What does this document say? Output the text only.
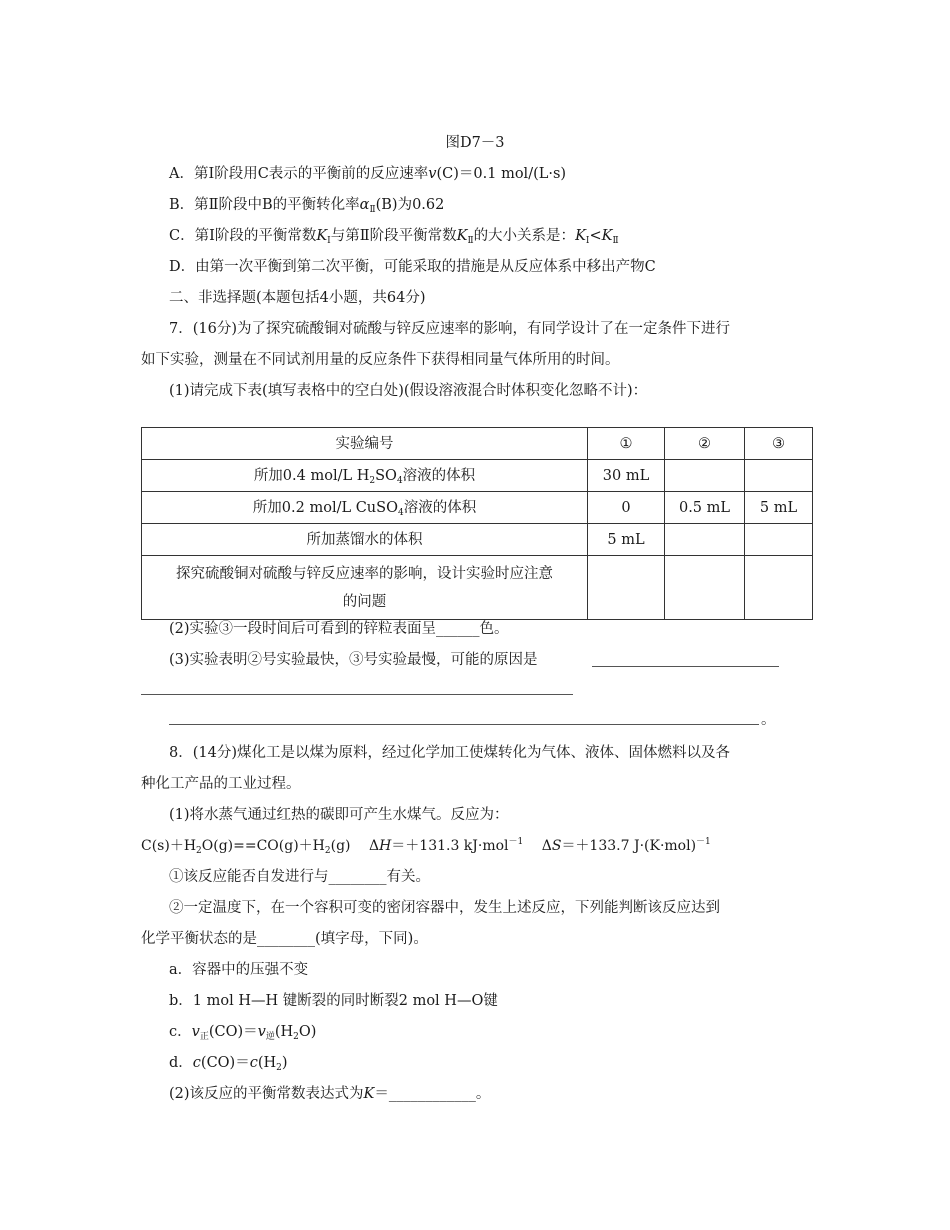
图D7－3
A．第Ⅰ阶段用C表示的平衡前的反应速率v(C)＝0.1 mol/(L·s)
B．第Ⅱ阶段中B的平衡转化率$\alpha_Ⅱ(B)$为0.62
C．第Ⅰ阶段的平衡常数$K_Ⅰ$与第Ⅱ阶段平衡常数$K_Ⅱ$的大小关系是：$K_Ⅰ<K_Ⅱ$
D．由第一次平衡到第二次平衡，可能采取的措施是从反应体系中移出产物C
二、非选择题(本题包括4小题，共64分)
7．(16分)为了探究硫酸铜对硫酸与锌反应速率的影响，有同学设计了在一定条件下进行
如下实验，测量在不同试剂用量的反应条件下获得相同量气体所用的时间。
(1)请完成下表(填写表格中的空白处)(假设溶液混合时体积变化忽略不计)：
实验编号	①	②	③
所加0.4 mol/L $H_2SO_4$溶液的体积	30 mL		
所加0.2 mol/L CuSO$_4$溶液的体积	0	0.5 mL	5 mL
所加蒸馏水的体积	5 mL		
探究硫酸铜对硫酸与锌反应速率的影响，设计实验时应注意
的问题			
(2)实验③一段时间后可看到的锌粒表面呈______色。
(3)实验表明②号实验最快，③号实验最慢，可能的原因是
。
8．(14分)煤化工是以煤为原料，经过化学加工使煤转化为气体、液体、固体燃料以及各
种化工产品的工业过程。
(1)将水蒸气通过红热的碳即可产生水煤气。反应为：
$C(s)+H_2O(g)==CO(g)+H_2(g)$　 ΔH＝＋131.3 kJ·mol$^{-1}$　 ΔS＝＋133.7 $J\cdot(K\cdot mol)^{-1}$
①该反应能否自发进行与________有关。
②一定温度下，在一个容积可变的密闭容器中，发生上述反应，下列能判断该反应达到
化学平衡状态的是________(填字母，下同)。
a．容器中的压强不变
b．1 mol H—H 键断裂的同时断裂2 mol H—O键
c．$v_正(CO)=v_逆(H_2O)$
d．$c(CO)=c(H_2)$
(2)该反应的平衡常数表达式为K＝____________。
